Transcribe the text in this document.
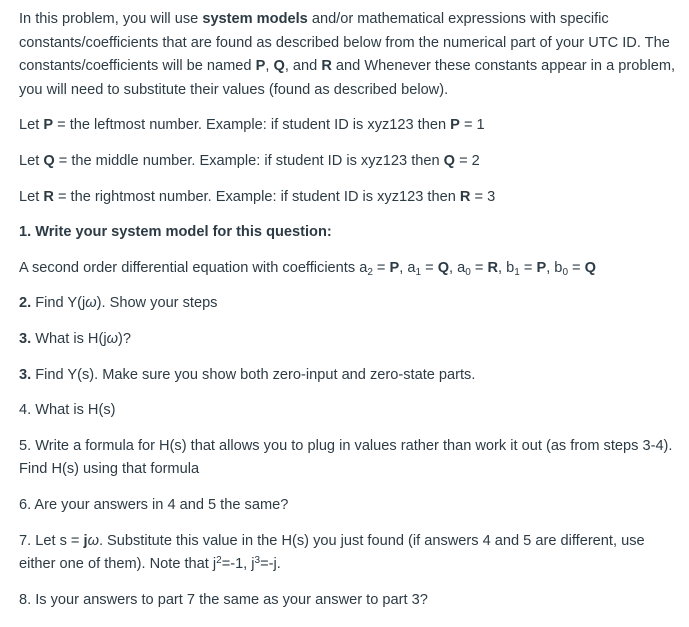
In this problem, you will use system models and/or mathematical expressions with specific constants/coefficients that are found as described below from the numerical part of your UTC ID. The constants/coefficients will be named P, Q, and R and Whenever these constants appear in a problem, you will need to substitute their values (found as described below).

Let P = the leftmost number. Example: if student ID is xyz123 then P = 1

Let Q = the middle number. Example: if student ID is xyz123 then Q = 2

Let R = the rightmost number. Example: if student ID is xyz123 then R = 3

1. Write your system model for this question:

A second order differential equation with coefficients $a_2 = P$, $a_1 = Q$, $a_0 = R$, $b_1 = P$, $b_0 = Q$

2. Find Y(jω). Show your steps

3. What is H(jω)?

3. Find Y(s). Make sure you show both zero-input and zero-state parts.

4. What is H(s)

5. Write a formula for H(s) that allows you to plug in values rather than work it out (as from steps 3-4). Find H(s) using that formula

6. Are your answers in 4 and 5 the same?

7. Let s = jω. Substitute this value in the H(s) you just found (if answers 4 and 5 are different, use either one of them). Note that $j^2=-1$, $j^3=-j$.

8. Is your answers to part 7 the same as your answer to part 3?
